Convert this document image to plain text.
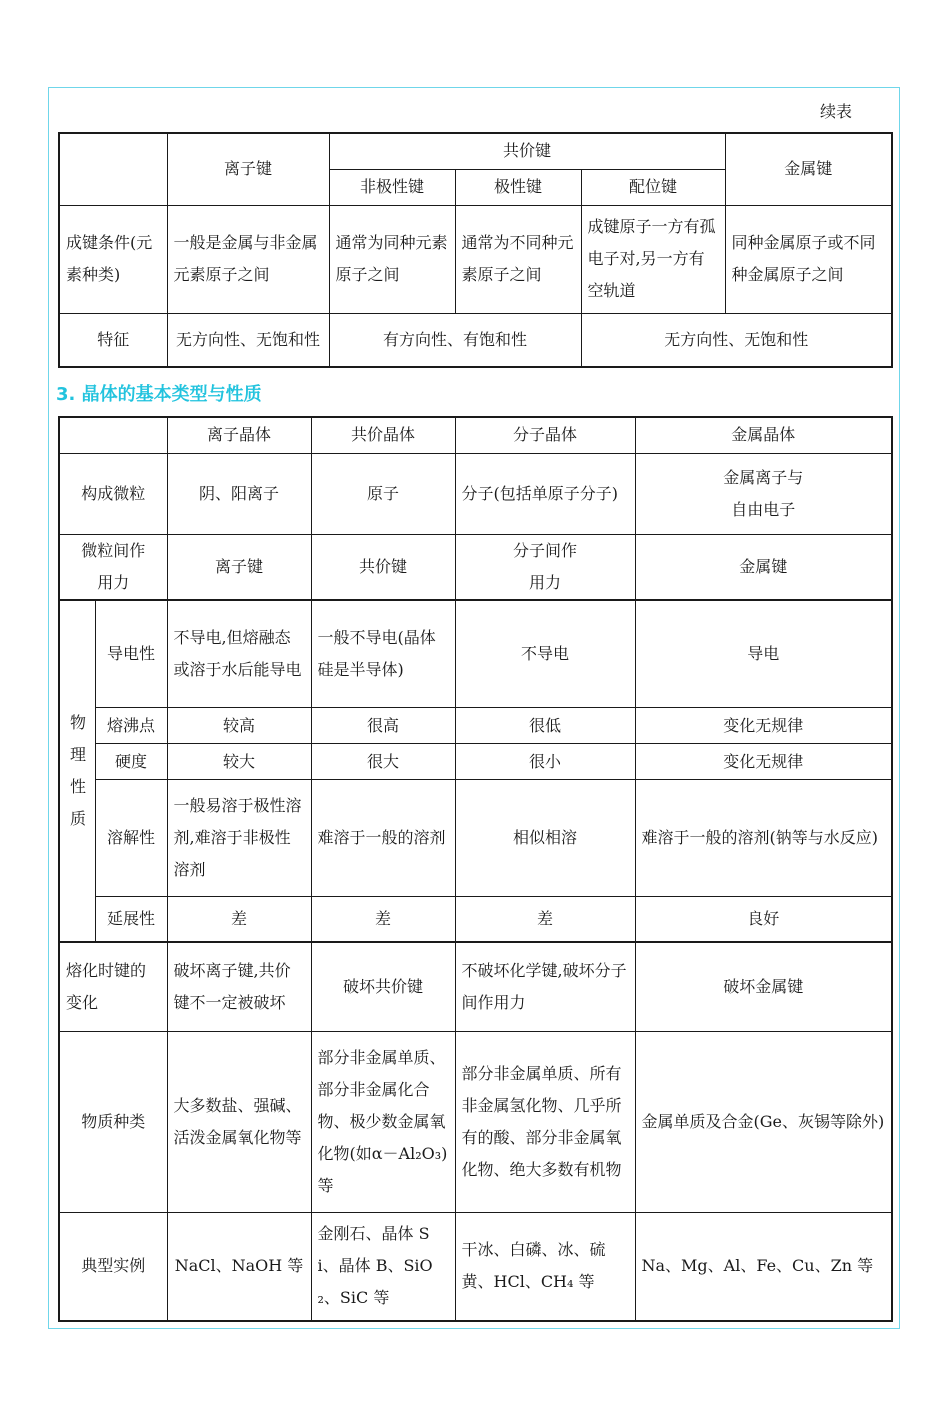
续表
	离子键	共价键			金属键
		非极性键	极性键	配位键	
成键条件(元素种类)	一般是金属与非金属元素原子之间	通常为同种元素原子之间	通常为不同种元素原子之间	成键原子一方有孤电子对,另一方有空轨道	同种金属原子或不同种金属原子之间
特征	无方向性、无饱和性	有方向性、有饱和性		无方向性、无饱和性	
3. 晶体的基本类型与性质
		离子晶体	共价晶体	分子晶体	金属晶体
构成微粒		阴、阳离子	原子	分子(包括单原子分子)	金属离子与自由电子
微粒间作用力		离子键	共价键	分子间作用力	金属键
物理性质	导电性	不导电,但熔融态或溶于水后能导电	一般不导电(晶体硅是半导体)	不导电	导电
	熔沸点	较高	很高	很低	变化无规律
	硬度	较大	很大	很小	变化无规律
	溶解性	一般易溶于极性溶剂,难溶于非极性溶剂	难溶于一般的溶剂	相似相溶	难溶于一般的溶剂(钠等与水反应)
	延展性	差	差	差	良好
熔化时键的变化		破坏离子键,共价键不一定被破坏	破坏共价键	不破坏化学键,破坏分子间作用力	破坏金属键
物质种类		大多数盐、强碱、活泼金属氧化物等	部分非金属单质、部分非金属化合物、极少数金属氧化物(如α－Al₂O₃)等	部分非金属单质、所有非金属氢化物、几乎所有的酸、部分非金属氧化物、绝大多数有机物	金属单质及合金(Ge、灰锡等除外)
典型实例		NaCl、NaOH 等	金刚石、晶体 Si、晶体 B、SiO₂、SiC 等	干冰、白磷、冰、硫黄、HCl、CH₄ 等	Na、Mg、Al、Fe、Cu、Zn 等
